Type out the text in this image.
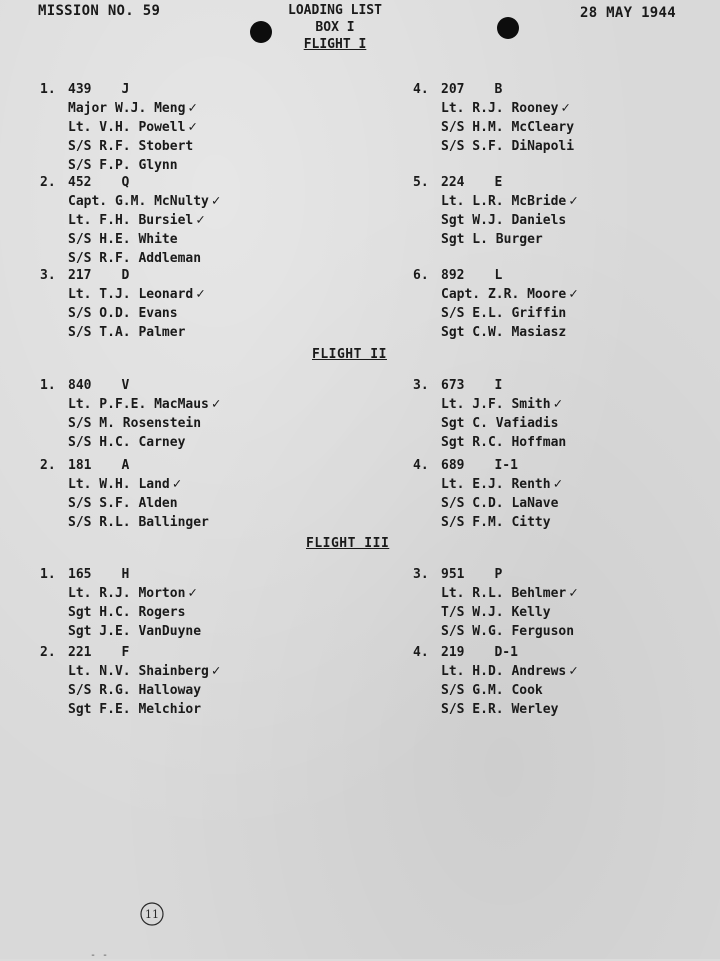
MISSION NO. 59	28 MAY 1944
LOADING LIST
BOX I
FLIGHT I
1. 439 J
Major W.J. Meng ✓
Lt. V.H. Powell ✓
S/S R.F. Stobert
S/S F.P. Glynn
2. 452 Q
Capt. G.M. McNulty ✓
Lt. F.H. Bursiel ✓
S/S H.E. White
S/S R.F. Addleman
3. 217 D
Lt. T.J. Leonard ✓
S/S O.D. Evans
S/S T.A. Palmer
4. 207 B
Lt. R.J. Rooney ✓
S/S H.M. McCleary
S/S S.F. DiNapoli
5. 224 E
Lt. L.R. McBride ✓
Sgt W.J. Daniels
Sgt L. Burger
6. 892 L
Capt. Z.R. Moore ✓
S/S E.L. Griffin
Sgt C.W. Masiasz
FLIGHT II
1. 840 V
Lt. P.F.E. MacMaus ✓
S/S M. Rosenstein
S/S H.C. Carney
2. 181 A
Lt. W.H. Land ✓
S/S S.F. Alden
S/S R.L. Ballinger
3. 673 I
Lt. J.F. Smith ✓
Sgt C. Vafiadis
Sgt R.C. Hoffman
4. 689 I-1
Lt. E.J. Renth ✓
S/S C.D. LaNave
S/S F.M. Citty
FLIGHT III
1. 165 H
Lt. R.J. Morton ✓
Sgt H.C. Rogers
Sgt J.E. VanDuyne
2. 221 F
Lt. N.V. Shainberg ✓
S/S R.G. Halloway
Sgt F.E. Melchior
3. 951 P
Lt. R.L. Behlmer ✓
T/S W.J. Kelly
S/S W.G. Ferguson
4. 219 D-1
Lt. H.D. Andrews ✓
S/S G.M. Cook
S/S E.R. Werley
11
- -
